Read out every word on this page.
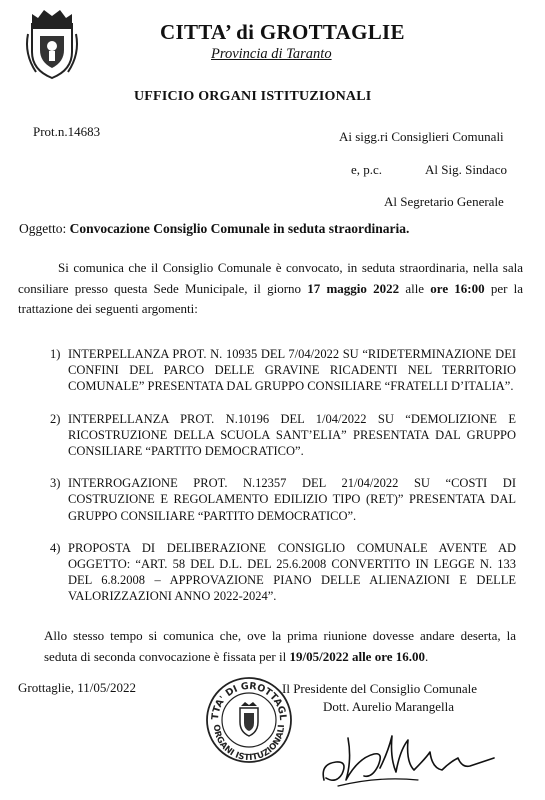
CITTA’ di GROTTAGLIE
Provincia di Taranto
UFFICIO ORGANI ISTITUZIONALI
Prot.n.14683	Ai sigg.ri Consiglieri Comunali
e, p.c.	Al Sig. Sindaco
Al Segretario Generale
Oggetto: Convocazione Consiglio Comunale in seduta straordinaria.
Si comunica che il Consiglio Comunale è convocato, in seduta straordinaria, nella sala consiliare presso questa Sede Municipale, il giorno 17 maggio 2022 alle ore 16:00 per la trattazione dei seguenti argomenti:
1) INTERPELLANZA PROT. N. 10935 DEL 7/04/2022 SU “RIDETERMINAZIONE DEI CONFINI DEL PARCO DELLE GRAVINE RICADENTI NEL TERRITORIO COMUNALE” PRESENTATA DAL GRUPPO CONSILIARE “FRATELLI D’ITALIA”.
2) INTERPELLANZA PROT. N.10196 DEL 1/04/2022 SU “DEMOLIZIONE E RICOSTRUZIONE DELLA SCUOLA SANT’ELIA” PRESENTATA DAL GRUPPO CONSILIARE “PARTITO DEMOCRATICO”.
3) INTERROGAZIONE PROT. N.12357 DEL 21/04/2022 SU “COSTI DI COSTRUZIONE E REGOLAMENTO EDILIZIO TIPO (RET)” PRESENTATA DAL GRUPPO CONSILIARE “PARTITO DEMOCRATICO”.
4) PROPOSTA DI DELIBERAZIONE CONSIGLIO COMUNALE AVENTE AD OGGETTO: “ART. 58 DEL D.L. DEL 25.6.2008 CONVERTITO IN LEGGE N. 133 DEL 6.8.2008 – APPROVAZIONE PIANO DELLE ALIENAZIONI E DELLE VALORIZZAZIONI ANNO 2022-2024”.
Allo stesso tempo si comunica che, ove la prima riunione dovesse andare deserta, la seduta di seconda convocazione è fissata per il 19/05/2022 alle ore 16.00.
Grottaglie, 11/05/2022
TTA' DI GROTTAGL
ORGANI ISTITUZIONALI
Il Presidente del Consiglio Comunale
Dott. Aurelio Marangella
